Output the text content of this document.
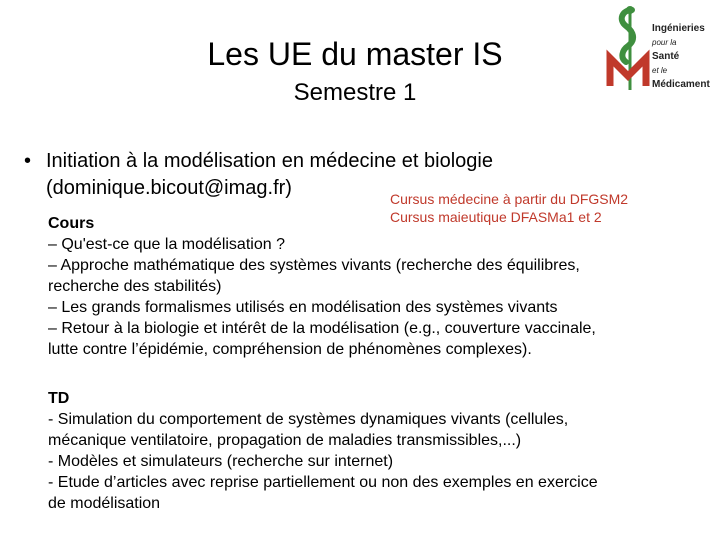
Les UE du master IS
Semestre 1
Ingénieries
pour la
Santé
et le
Médicament
• Initiation à la modélisation en médecine et biologie
(dominique.bicout@imag.fr)	Cursus médecine à partir du DFGSM2
Cursus maieutique DFASMa1 et 2
Cours
– Qu'est-ce que la modélisation ?
– Approche mathématique des systèmes vivants (recherche des équilibres,
recherche des stabilités)
– Les grands formalismes utilisés en modélisation des systèmes vivants
– Retour à la biologie et intérêt de la modélisation (e.g., couverture vaccinale,
lutte contre l’épidémie, compréhension de phénomènes complexes).
TD
- Simulation du comportement de systèmes dynamiques vivants (cellules,
mécanique ventilatoire, propagation de maladies transmissibles,...)
- Modèles et simulateurs (recherche sur internet)
- Etude d’articles avec reprise partiellement ou non des exemples en exercice
de modélisation
